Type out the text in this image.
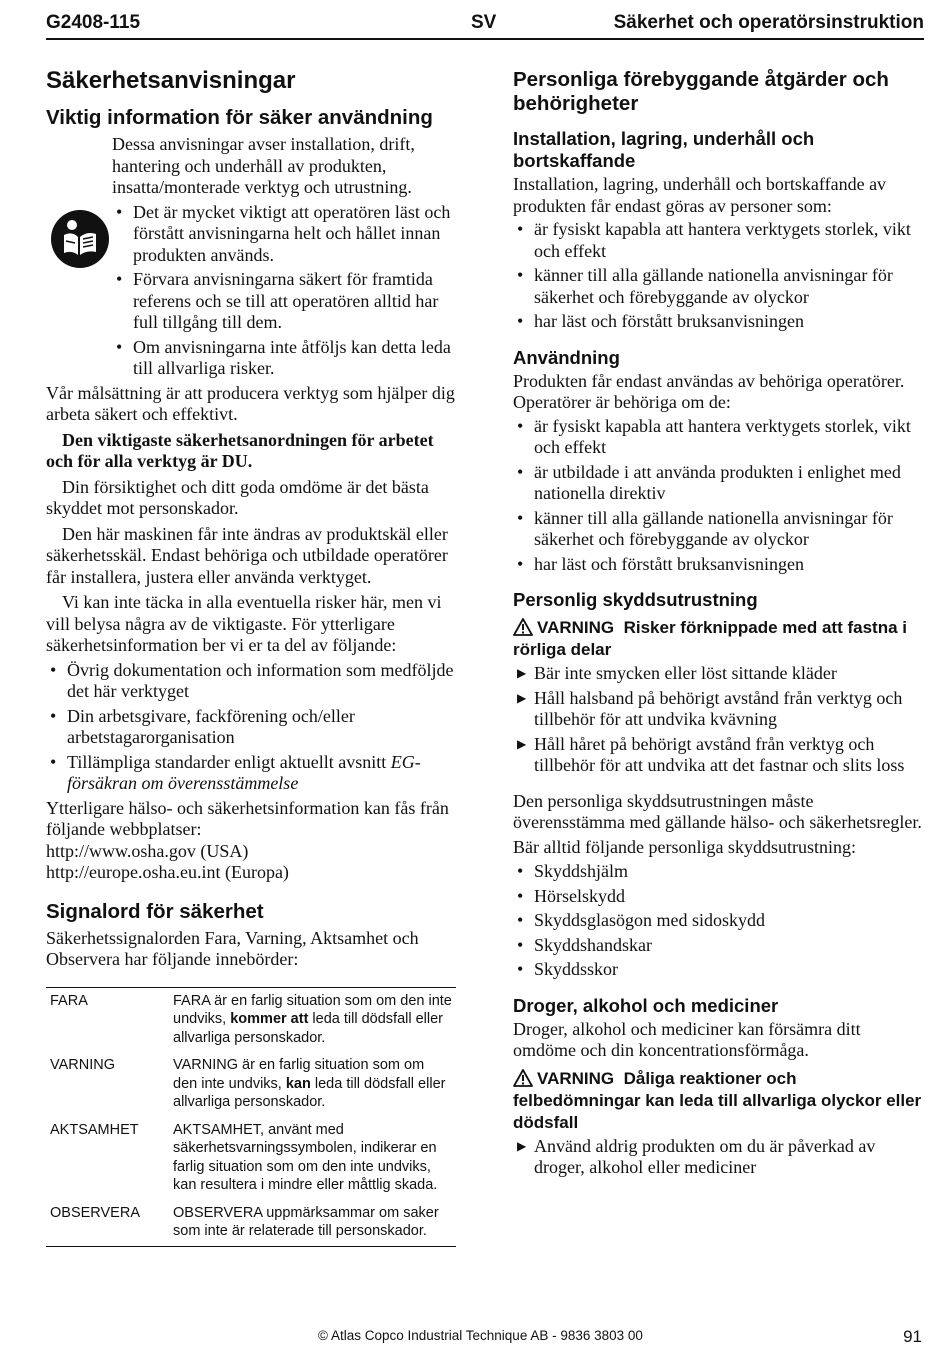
G2408-115	SV	Säkerhet och operatörsinstruktion
Säkerhetsanvisningar
Viktig information för säker användning

Dessa anvisningar avser installation, drift, hantering och underhåll av produkten, insatta/monterade verktyg och utrustning.

• Det är mycket viktigt att operatören läst och förstått anvisningarna helt och hållet innan produkten används.
• Förvara anvisningarna säkert för framtida referens och se till att operatören alltid har full tillgång till dem.
• Om anvisningarna inte åtföljs kan detta leda till allvarliga risker.

Vår målsättning är att producera verktyg som hjälper dig arbeta säkert och effektivt.

Den viktigaste säkerhetsanordningen för arbetet och för alla verktyg är DU.

Din försiktighet och ditt goda omdöme är det bästa skyddet mot personskador.

Den här maskinen får inte ändras av produktskäl eller säkerhetsskäl. Endast behöriga och utbildade operatörer får installera, justera eller använda verktyget.

Vi kan inte täcka in alla eventuella risker här, men vi vill belysa några av de viktigaste. För ytterligare säkerhetsinformation ber vi er ta del av följande:

• Övrig dokumentation och information som medföljde det här verktyget
• Din arbetsgivare, fackförening och/eller arbetstagarorganisation
• Tillämpliga standarder enligt aktuellt avsnitt EG-försäkran om överensstämmelse

Ytterligare hälso- och säkerhetsinformation kan fås från följande webbplatser:

http://www.osha.gov (USA)

http://europe.osha.eu.int (Europa)

Signalord för säkerhet

Säkerhetssignalorden Fara, Varning, Aktsamhet och Observera har följande innebörder:

FARA	FARA är en farlig situation som om den inte undviks, kommer att leda till dödsfall eller allvarliga personskador.
VARNING	VARNING är en farlig situation som om den inte undviks, kan leda till dödsfall eller allvarliga personskador.
AKTSAMHET	AKTSAMHET, använt med säkerhetsvarningssymbolen, indikerar en farlig situation som om den inte undviks, kan resultera i mindre eller måttlig skada.
OBSERVERA	OBSERVERA uppmärksammar om saker som inte är relaterade till personskador.
Personliga förebyggande åtgärder och behörigheter
Installation, lagring, underhåll och bortskaffande

Installation, lagring, underhåll och bortskaffande av produkten får endast göras av personer som:

• är fysiskt kapabla att hantera verktygets storlek, vikt och effekt
• känner till alla gällande nationella anvisningar för säkerhet och förebyggande av olyckor
• har läst och förstått bruksanvisningen
Användning

Produkten får endast användas av behöriga operatörer. Operatörer är behöriga om de:

• är fysiskt kapabla att hantera verktygets storlek, vikt och effekt
• är utbildade i att använda produkten i enlighet med nationella direktiv
• känner till alla gällande nationella anvisningar för säkerhet och förebyggande av olyckor
• har läst och förstått bruksanvisningen
Personlig skyddsutrustning
VARNING Risker förknippade med att fastna i rörliga delar
▶ Bär inte smycken eller löst sittande kläder
▶ Håll halsband på behörigt avstånd från verktyg och tillbehör för att undvika kvävning
▶ Håll håret på behörigt avstånd från verktyg och tillbehör för att undvika att det fastnar och slits loss

Den personliga skyddsutrustningen måste överensstämma med gällande hälso- och säkerhetsregler.

Bär alltid följande personliga skyddsutrustning:

• Skyddshjälm
• Hörselskydd
• Skyddsglasögon med sidoskydd
• Skyddshandskar
• Skyddsskor
Droger, alkohol och mediciner

Droger, alkohol och mediciner kan försämra ditt omdöme och din koncentrationsförmåga.

VARNING Dåliga reaktioner och felbedömningar kan leda till allvarliga olyckor eller dödsfall
▶ Använd aldrig produkten om du är påverkad av droger, alkohol eller mediciner
© Atlas Copco Industrial Technique AB - 9836 3803 00	91
